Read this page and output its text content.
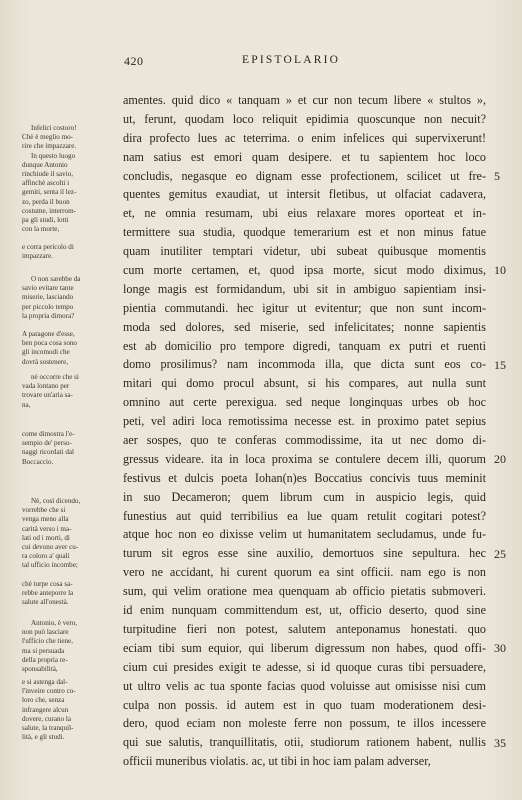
420	EPISTOLARIO
Infelici costoro!
Chè è meglio mo-
rire che impazzare.
In questo luogo
dunque Antonio
rinchiude il savio,
affinchè ascolti i
gemiti, senta il lez-
zo, perda il buon
costume, interrom-
pa gli studi, lotti
con la morte,
e corra pericolo di
impazzare.
O non sarebbe da
savio evitare tante
miserie, lasciando
per piccolo tempo
la propria dimora?
A paragone d'esse,
ben poca cosa sono
gli incomodi che
dovrà sostenere,
nè occorre che si
vada lontano per
trovare un'aria sa-
na,
come dimostra l'e-
sempio de' perso-
naggi ricordati dal
Boccaccio.
Nè, così dicendo,
vorrebbe che si
venga meno alla
carità verso i ma-
lati od i morti, di
cui devono aver cu-
ra coloro a' quali
tal ufficio incombe;
chè turpe cosa sa-
rebbe anteporre la
salute all'onestà.
Antonio, è vero,
non può lasciare
l'ufficio che tiene,
ma si persuada
della propria re-
sponsabilità,
e si astenga dal-
l'inveire contro co-
loro che, senza
infrangere alcun
dovere, curano la
salute, la tranquil-
lità, e gli studi.
amentes. quid dico « tanquam » et cur non tecum libere « stultos »,
ut, ferunt, quodam loco reliquit epidimia quoscunque non necuit?
dira profecto lues ac teterrima. o enim infelices qui supervixerunt!
nam satius est emori quam desipere. et tu sapientem hoc loco
concludis, negasque eo dignam esse profectionem, scilicet ut fre-
quentes gemitus exaudiat, ut intersit fletibus, ut olfaciat cadavera,
et, ne omnia resumam, ubi eius relaxare mores oporteat et in-
termittere sua studia, quodque temerarium est et non minus fatue
quam inutiliter temptari videtur, ubi subeat quibusque momentis
cum morte certamen, et, quod ipsa morte, sicut modo diximus,
longe magis est formidandum, ubi sit in ambiguo sapientiam insi-
pientia commutandi. hec igitur ut evitentur; que non sunt incom-
moda sed dolores, sed miserie, sed infelicitates; nonne sapientis
est ab domicilio pro tempore digredi, tanquam ex putri et ruenti
domo prosilimus? nam incommoda illa, que dicta sunt eos co-
mitari qui domo procul absunt, si his compares, aut nulla sunt
omnino aut certe perexigua. sed neque longinquas urbes ob hoc
peti, vel adiri loca remotissima necesse est. in proximo patet sepius
aer sospes, quo te conferas commodissime, ita ut nec domo di-
gressus videare. ita in loca proxima se contulere decem illi, quorum
festivus et dulcis poeta Iohan(n)es Boccatius concivis tuus meminit
in suo Decameron; quem librum cum in auspicio legis, quid
funestius aut quid terribilius ea lue quam retulit cogitari potest?
atque hoc non eo dixisse velim ut humanitatem secludamus, unde fu-
turum sit egros esse sine auxilio, demortuos sine sepultura. hec
vero ne accidant, hi curent quorum ea sint officii. nam ego is non
sum, qui velim oratione mea quenquam ab officio pietatis submoveri.
id enim nunquam committendum est, ut, officio deserto, quod sine
turpitudine fieri non potest, salutem anteponamus honestati. quo
eciam tibi sum equior, qui liberum digressum non habes, quod offi-
cium cui presides exigit te adesse, si id quoque curas tibi persuadere,
ut ultro velis ac tua sponte facias quod voluisse aut omisisse nisi cum
culpa non possis. id autem est in quo tuam moderationem desi-
dero, quod eciam non moleste ferre non possum, te illos incessere
qui sue salutis, tranquillitatis, otii, studiorum rationem habent, nullis
officii muneribus violatis. ac, ut tibi in hoc iam palam adverser,
5
10
15
20
25
30
35
